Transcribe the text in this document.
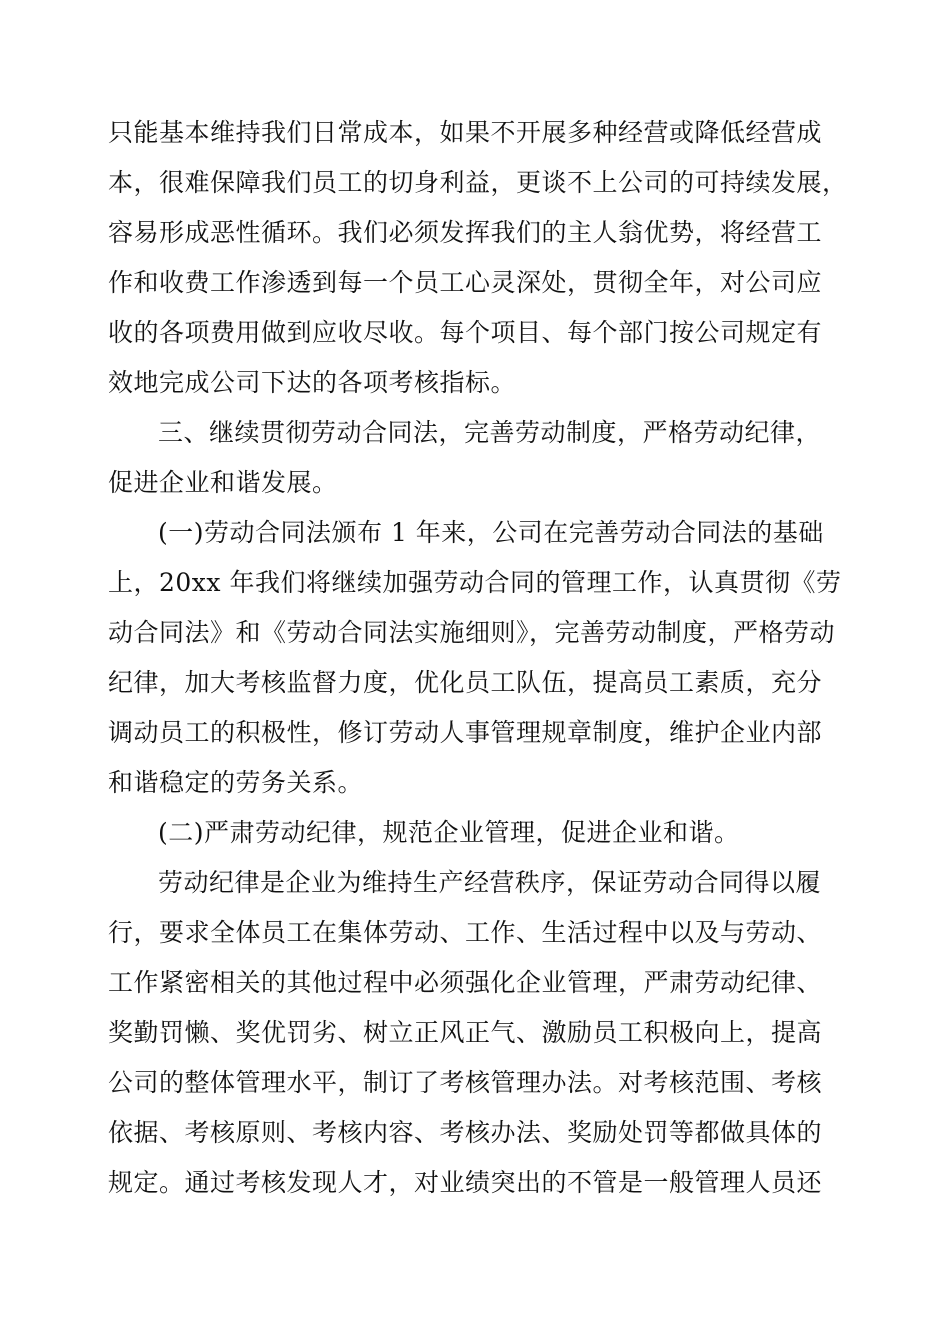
只能基本维持我们日常成本，如果不开展多种经营或降低经营成
本，很难保障我们员工的切身利益，更谈不上公司的可持续发展，
容易形成恶性循环。我们必须发挥我们的主人翁优势，将经营工
作和收费工作渗透到每一个员工心灵深处，贯彻全年，对公司应
收的各项费用做到应收尽收。每个项目、每个部门按公司规定有
效地完成公司下达的各项考核指标。
三、继续贯彻劳动合同法，完善劳动制度，严格劳动纪律，
促进企业和谐发展。
(一)劳动合同法颁布 1 年来，公司在完善劳动合同法的基础
上，20xx 年我们将继续加强劳动合同的管理工作，认真贯彻《劳
动合同法》和《劳动合同法实施细则》，完善劳动制度，严格劳动
纪律，加大考核监督力度，优化员工队伍，提高员工素质，充分
调动员工的积极性，修订劳动人事管理规章制度，维护企业内部
和谐稳定的劳务关系。
(二)严肃劳动纪律，规范企业管理，促进企业和谐。
劳动纪律是企业为维持生产经营秩序，保证劳动合同得以履
行，要求全体员工在集体劳动、工作、生活过程中以及与劳动、
工作紧密相关的其他过程中必须强化企业管理，严肃劳动纪律、
奖勤罚懒、奖优罚劣、树立正风正气、激励员工积极向上，提高
公司的整体管理水平，制订了考核管理办法。对考核范围、考核
依据、考核原则、考核内容、考核办法、奖励处罚等都做具体的
规定。通过考核发现人才，对业绩突出的不管是一般管理人员还
